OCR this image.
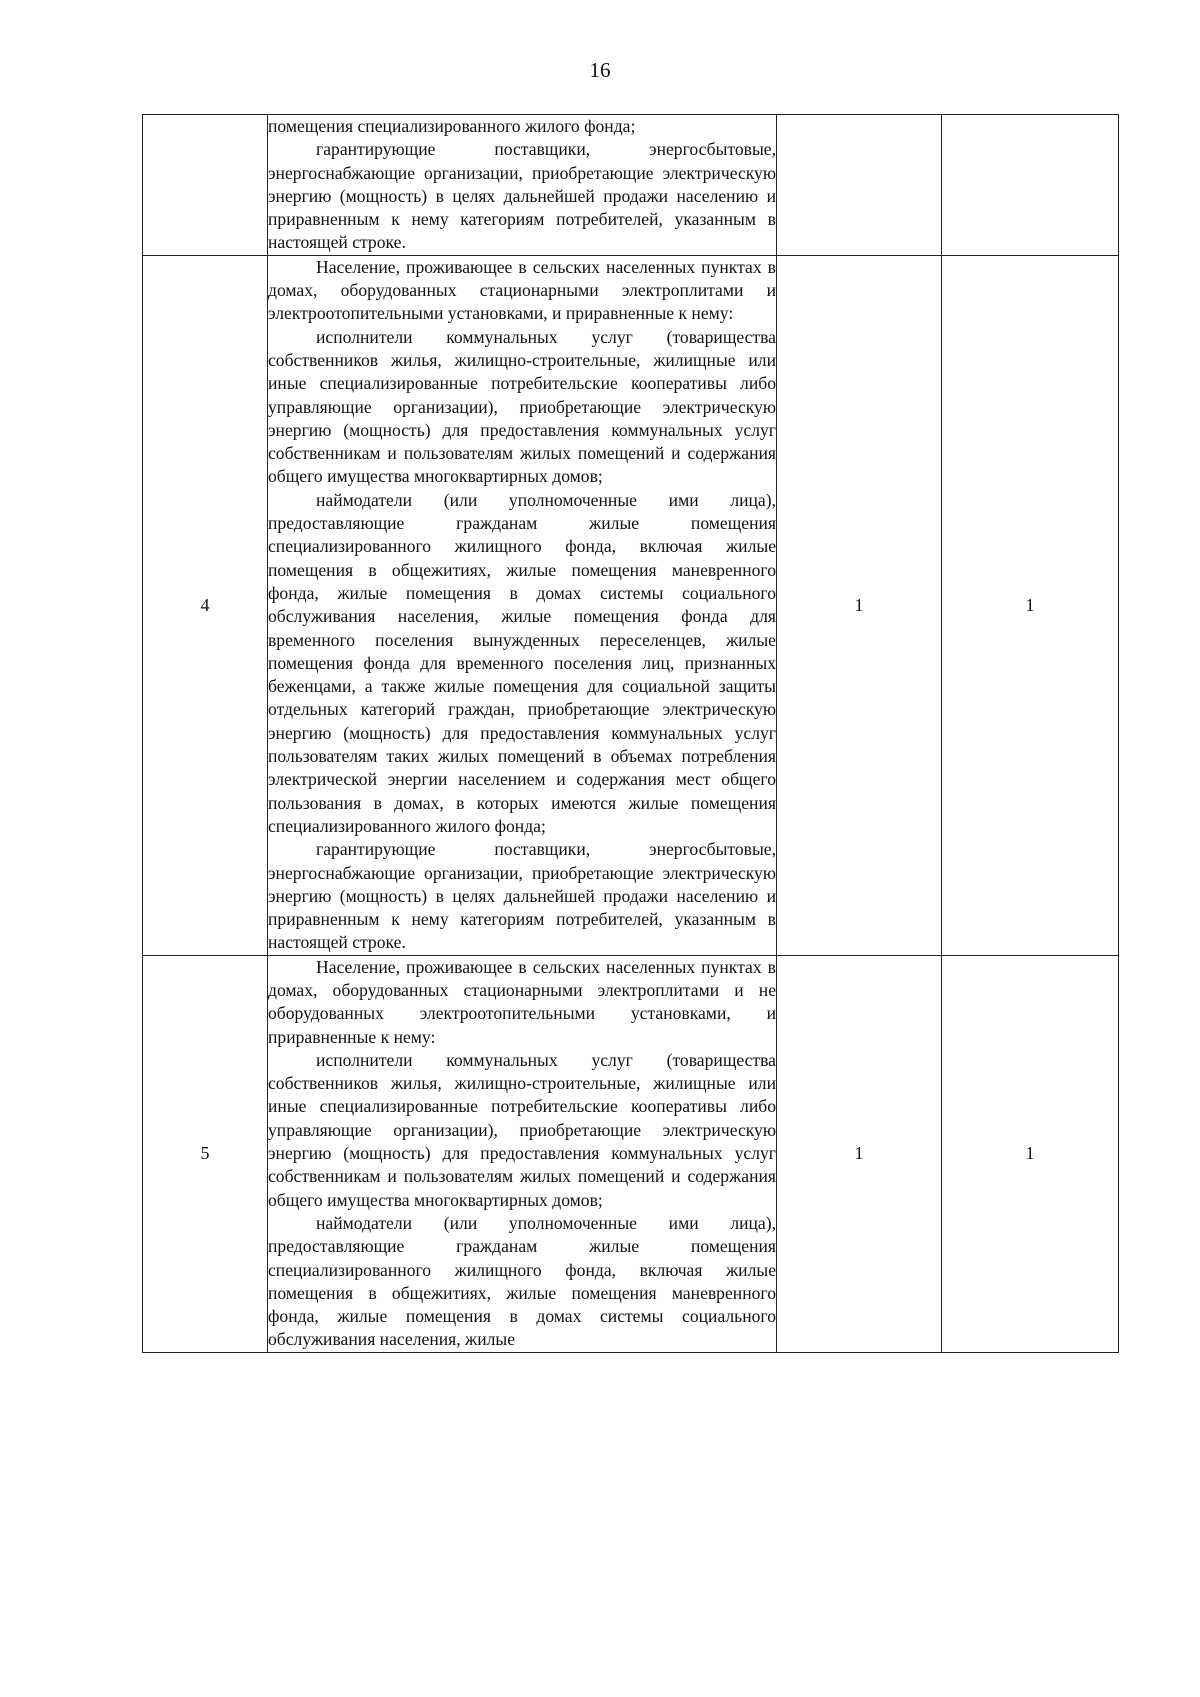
16

	помещения специализированного жилого фонда;

гарантирующие поставщики, энергосбытовые, энергоснабжающие организации, приобретающие электрическую энергию (мощность) в целях дальнейшей продажи населению и приравненным к нему категориям потребителей, указанным в настоящей строке.		

4	Население, проживающее в сельских населенных пунктах в домах, оборудованных стационарными электроплитами и электроотопительными установками, и приравненные к нему:

исполнители коммунальных услуг (товарищества собственников жилья, жилищно-строительные, жилищные или иные специализированные потребительские кооперативы либо управляющие организации), приобретающие электрическую энергию (мощность) для предоставления коммунальных услуг собственникам и пользователям жилых помещений и содержания общего имущества многоквартирных домов;

наймодатели (или уполномоченные ими лица), предоставляющие гражданам жилые помещения специализированного жилищного фонда, включая жилые помещения в общежитиях, жилые помещения маневренного фонда, жилые помещения в домах системы социального обслуживания населения, жилые помещения фонда для временного поселения вынужденных переселенцев, жилые помещения фонда для временного поселения лиц, признанных беженцами, а также жилые помещения для социальной защиты отдельных категорий граждан, приобретающие электрическую энергию (мощность) для предоставления коммунальных услуг пользователям таких жилых помещений в объемах потребления электрической энергии населением и содержания мест общего пользования в домах, в которых имеются жилые помещения специализированного жилого фонда;

гарантирующие поставщики, энергосбытовые, энергоснабжающие организации, приобретающие электрическую энергию (мощность) в целях дальнейшей продажи населению и приравненным к нему категориям потребителей, указанным в настоящей строке.	1	1
5	Население, проживающее в сельских населенных пунктах в домах, оборудованных стационарными электроплитами и не оборудованных электроотопительными установками, и приравненные к нему:

исполнители коммунальных услуг (товарищества собственников жилья, жилищно-строительные, жилищные или иные специализированные потребительские кооперативы либо управляющие организации), приобретающие электрическую энергию (мощность) для предоставления коммунальных услуг собственникам и пользователям жилых помещений и содержания общего имущества многоквартирных домов;

наймодатели (или уполномоченные ими лица), предоставляющие гражданам жилые помещения специализированного жилищного фонда, включая жилые помещения в общежитиях, жилые помещения маневренного фонда, жилые помещения в домах системы социального обслуживания населения, жилые	1	1
